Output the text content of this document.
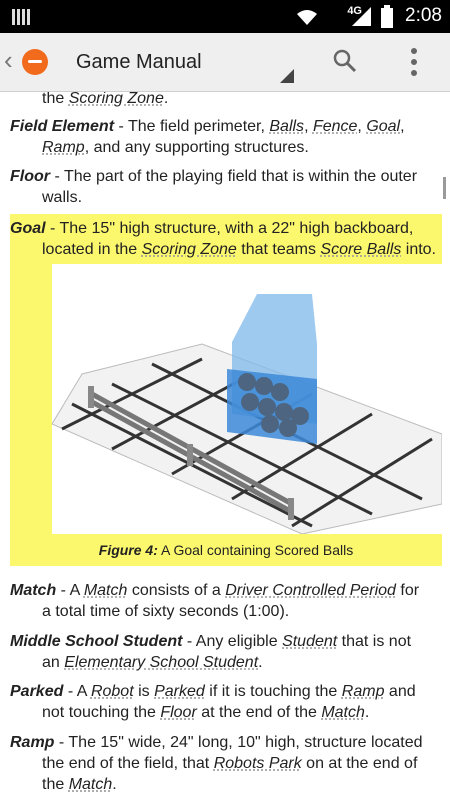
4G 2:08
‹	Game Manual
the Scoring Zone.
Field Element - The field perimeter, Balls, Fence, Goal, Ramp, and any supporting structures.
Floor - The part of the playing field that is within the outer walls.
Goal - The 15" high structure, with a 22" high backboard, located in the Scoring Zone that teams Score Balls into.
Figure 4: A Goal containing Scored Balls
Match - A Match consists of a Driver Controlled Period for a total time of sixty seconds (1:00).
Middle School Student - Any eligible Student that is not an Elementary School Student.
Parked - A Robot is Parked if it is touching the Ramp and not touching the Floor at the end of the Match.
Ramp - The 15" wide, 24" long, 10" high, structure located the end of the field, that Robots Park on at the end of the Match.
